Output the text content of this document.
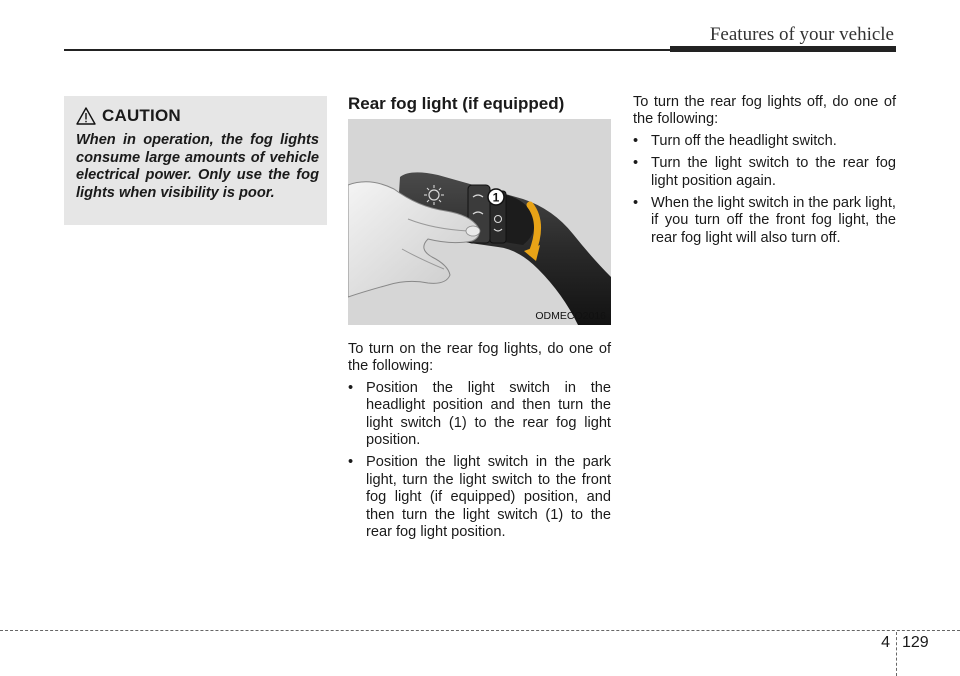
Features of your vehicle
CAUTION
When in operation, the fog lights consume large amounts of vehicle electrical power. Only use the fog lights when visibility is poor.
Rear fog light (if equipped)
1
ODMECO2016

To turn on the rear fog lights, do one of the following:

• Position the light switch in the headlight position and then turn the light switch (1) to the rear fog light position.
• Position the light switch in the park light, turn the light switch to the front fog light (if equipped) position, and then turn the light switch (1) to the rear fog light position.

To turn the rear fog lights off, do one of the following:

• Turn off the headlight switch.
• Turn the light switch to the rear fog light position again.
• When the light switch in the park light, if you turn off the front fog light, the rear fog light will also turn off.
4 129
